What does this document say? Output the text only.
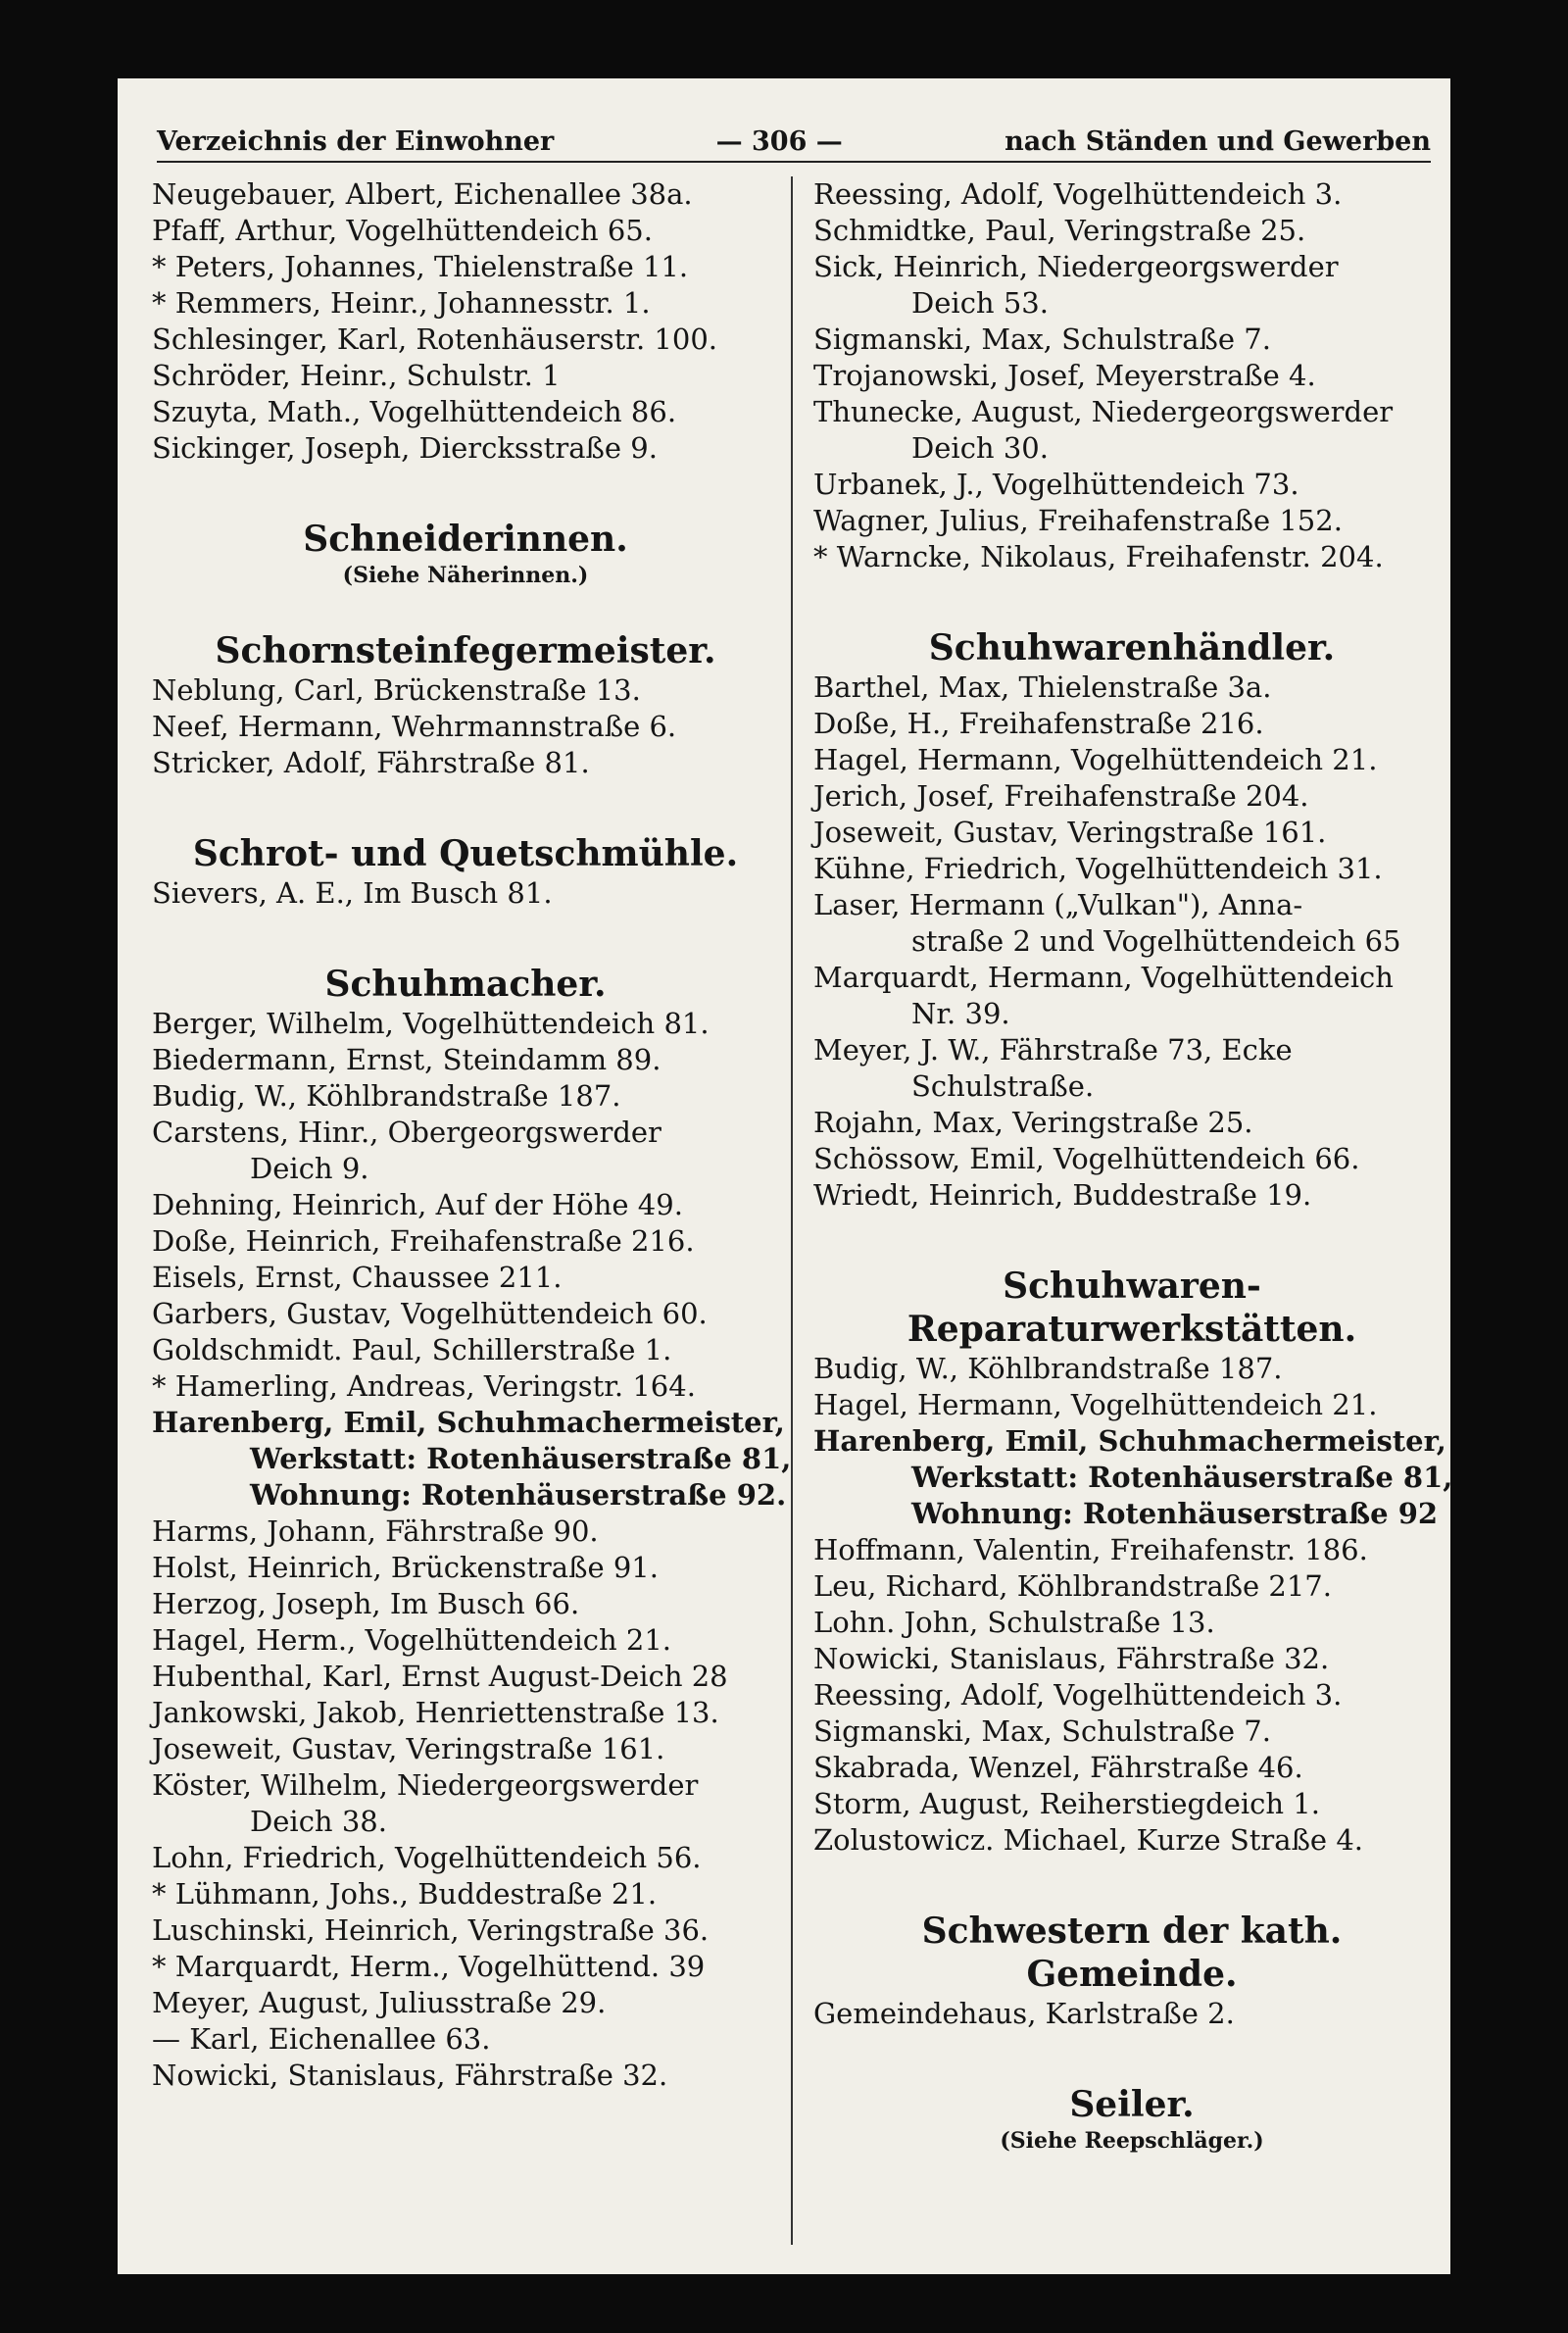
Verzeichnis der Einwohner	— 306 —	nach Ständen und Gewerben
Neugebauer, Albert, Eichenallee 38a.
Pfaff, Arthur, Vogelhüttendeich 65.
* Peters, Johannes, Thielenstraße 11.
* Remmers, Heinr., Johannesstr. 1.
Schlesinger, Karl, Rotenhäuserstr. 100.
Schröder, Heinr., Schulstr. 1
Szuyta, Math., Vogelhüttendeich 86.
Sickinger, Joseph, Diercksstraße 9.
Schneiderinnen.
(Siehe Näherinnen.)
Schornsteinfegermeister.
Neblung, Carl, Brückenstraße 13.
Neef, Hermann, Wehrmannstraße 6.
Stricker, Adolf, Fährstraße 81.
Schrot- und Quetschmühle.
Sievers, A. E., Im Busch 81.
Schuhmacher.
Berger, Wilhelm, Vogelhüttendeich 81.
Biedermann, Ernst, Steindamm 89.
Budig, W., Köhlbrandstraße 187.
Carstens, Hinr., Obergeorgswerder
Deich 9.
Dehning, Heinrich, Auf der Höhe 49.
Doße, Heinrich, Freihafenstraße 216.
Eisels, Ernst, Chaussee 211.
Garbers, Gustav, Vogelhüttendeich 60.
Goldschmidt. Paul, Schillerstraße 1.
* Hamerling, Andreas, Veringstr. 164.
Harenberg, Emil, Schuhmachermeister,
Werkstatt: Rotenhäuserstraße 81,
Wohnung: Rotenhäuserstraße 92.
Harms, Johann, Fährstraße 90.
Holst, Heinrich, Brückenstraße 91.
Herzog, Joseph, Im Busch 66.
Hagel, Herm., Vogelhüttendeich 21.
Hubenthal, Karl, Ernst August-Deich 28
Jankowski, Jakob, Henriettenstraße 13.
Joseweit, Gustav, Veringstraße 161.
Köster, Wilhelm, Niedergeorgswerder
Deich 38.
Lohn, Friedrich, Vogelhüttendeich 56.
* Lühmann, Johs., Buddestraße 21.
Luschinski, Heinrich, Veringstraße 36.
* Marquardt, Herm., Vogelhüttend. 39
Meyer, August, Juliusstraße 29.
— Karl, Eichenallee 63.
Nowicki, Stanislaus, Fährstraße 32.
Reessing, Adolf, Vogelhüttendeich 3.
Schmidtke, Paul, Veringstraße 25.
Sick, Heinrich, Niedergeorgswerder
Deich 53.
Sigmanski, Max, Schulstraße 7.
Trojanowski, Josef, Meyerstraße 4.
Thunecke, August, Niedergeorgswerder
Deich 30.
Urbanek, J., Vogelhüttendeich 73.
Wagner, Julius, Freihafenstraße 152.
* Warncke, Nikolaus, Freihafenstr. 204.
Schuhwarenhändler.
Barthel, Max, Thielenstraße 3a.
Doße, H., Freihafenstraße 216.
Hagel, Hermann, Vogelhüttendeich 21.
Jerich, Josef, Freihafenstraße 204.
Joseweit, Gustav, Veringstraße 161.
Kühne, Friedrich, Vogelhüttendeich 31.
Laser, Hermann („Vulkan"), Anna-
straße 2 und Vogelhüttendeich 65
Marquardt, Hermann, Vogelhüttendeich
Nr. 39.
Meyer, J. W., Fährstraße 73, Ecke
Schulstraße.
Rojahn, Max, Veringstraße 25.
Schössow, Emil, Vogelhüttendeich 66.
Wriedt, Heinrich, Buddestraße 19.
Schuhwaren-
Reparaturwerkstätten.
Budig, W., Köhlbrandstraße 187.
Hagel, Hermann, Vogelhüttendeich 21.
Harenberg, Emil, Schuhmachermeister,
Werkstatt: Rotenhäuserstraße 81,
Wohnung: Rotenhäuserstraße 92
Hoffmann, Valentin, Freihafenstr. 186.
Leu, Richard, Köhlbrandstraße 217.
Lohn. John, Schulstraße 13.
Nowicki, Stanislaus, Fährstraße 32.
Reessing, Adolf, Vogelhüttendeich 3.
Sigmanski, Max, Schulstraße 7.
Skabrada, Wenzel, Fährstraße 46.
Storm, August, Reiherstiegdeich 1.
Zolustowicz. Michael, Kurze Straße 4.
Schwestern der kath. Gemeinde.
Gemeindehaus, Karlstraße 2.
Seiler.
(Siehe Reepschläger.)
